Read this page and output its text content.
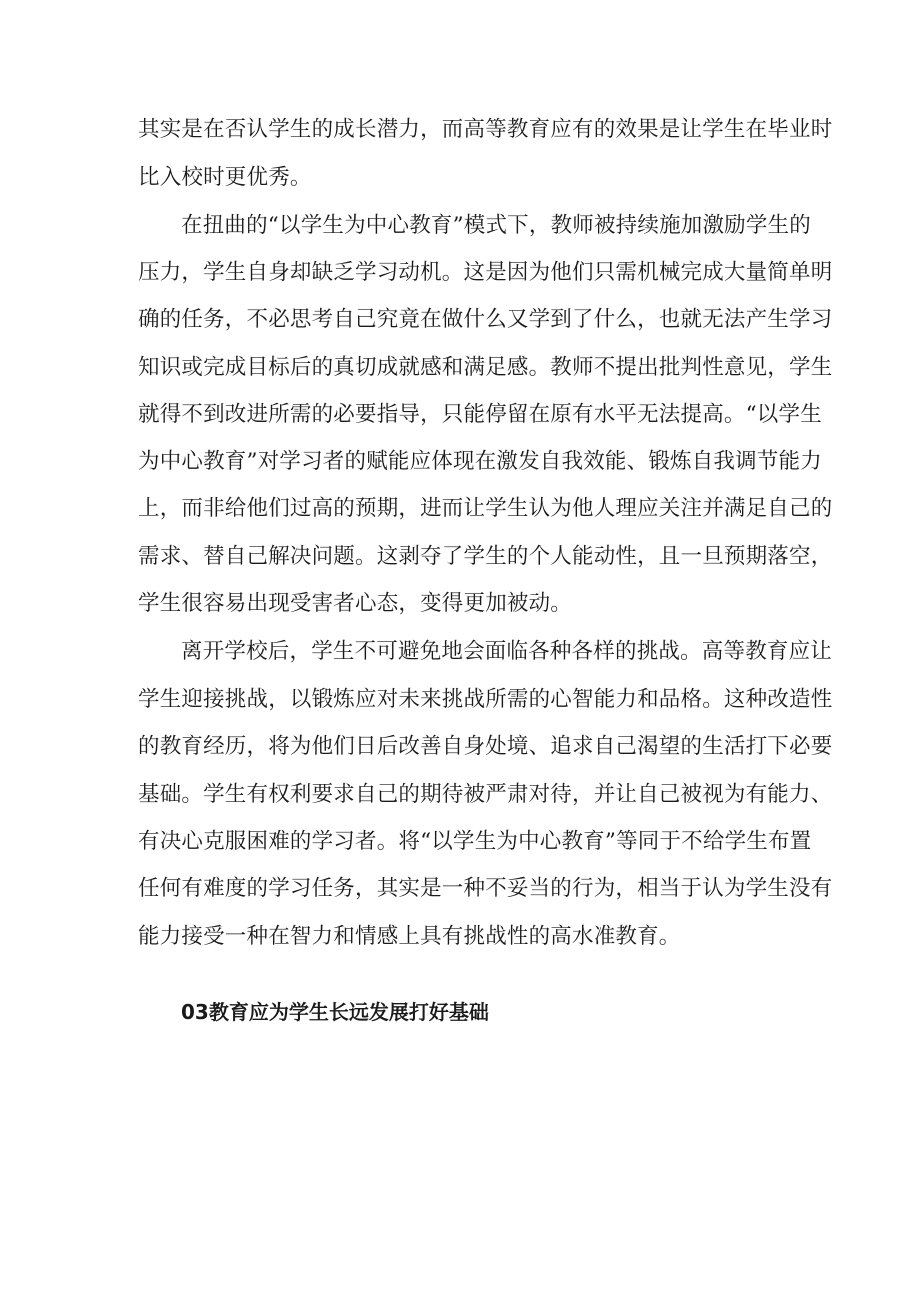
其实是在否认学生的成长潜力，而高等教育应有的效果是让学生在毕业时
比入校时更优秀。
在扭曲的“以学生为中心教育”模式下，教师被持续施加激励学生的
压力，学生自身却缺乏学习动机。这是因为他们只需机械完成大量简单明
确的任务，不必思考自己究竟在做什么又学到了什么，也就无法产生学习
知识或完成目标后的真切成就感和满足感。教师不提出批判性意见，学生
就得不到改进所需的必要指导，只能停留在原有水平无法提高。“以学生
为中心教育”对学习者的赋能应体现在激发自我效能、锻炼自我调节能力
上，而非给他们过高的预期，进而让学生认为他人理应关注并满足自己的
需求、替自己解决问题。这剥夺了学生的个人能动性，且一旦预期落空，
学生很容易出现受害者心态，变得更加被动。
离开学校后，学生不可避免地会面临各种各样的挑战。高等教育应让
学生迎接挑战，以锻炼应对未来挑战所需的心智能力和品格。这种改造性
的教育经历，将为他们日后改善自身处境、追求自己渴望的生活打下必要
基础。学生有权利要求自己的期待被严肃对待，并让自己被视为有能力、
有决心克服困难的学习者。将“以学生为中心教育”等同于不给学生布置
任何有难度的学习任务，其实是一种不妥当的行为，相当于认为学生没有
能力接受一种在智力和情感上具有挑战性的高水准教育。
03教育应为学生长远发展打好基础
